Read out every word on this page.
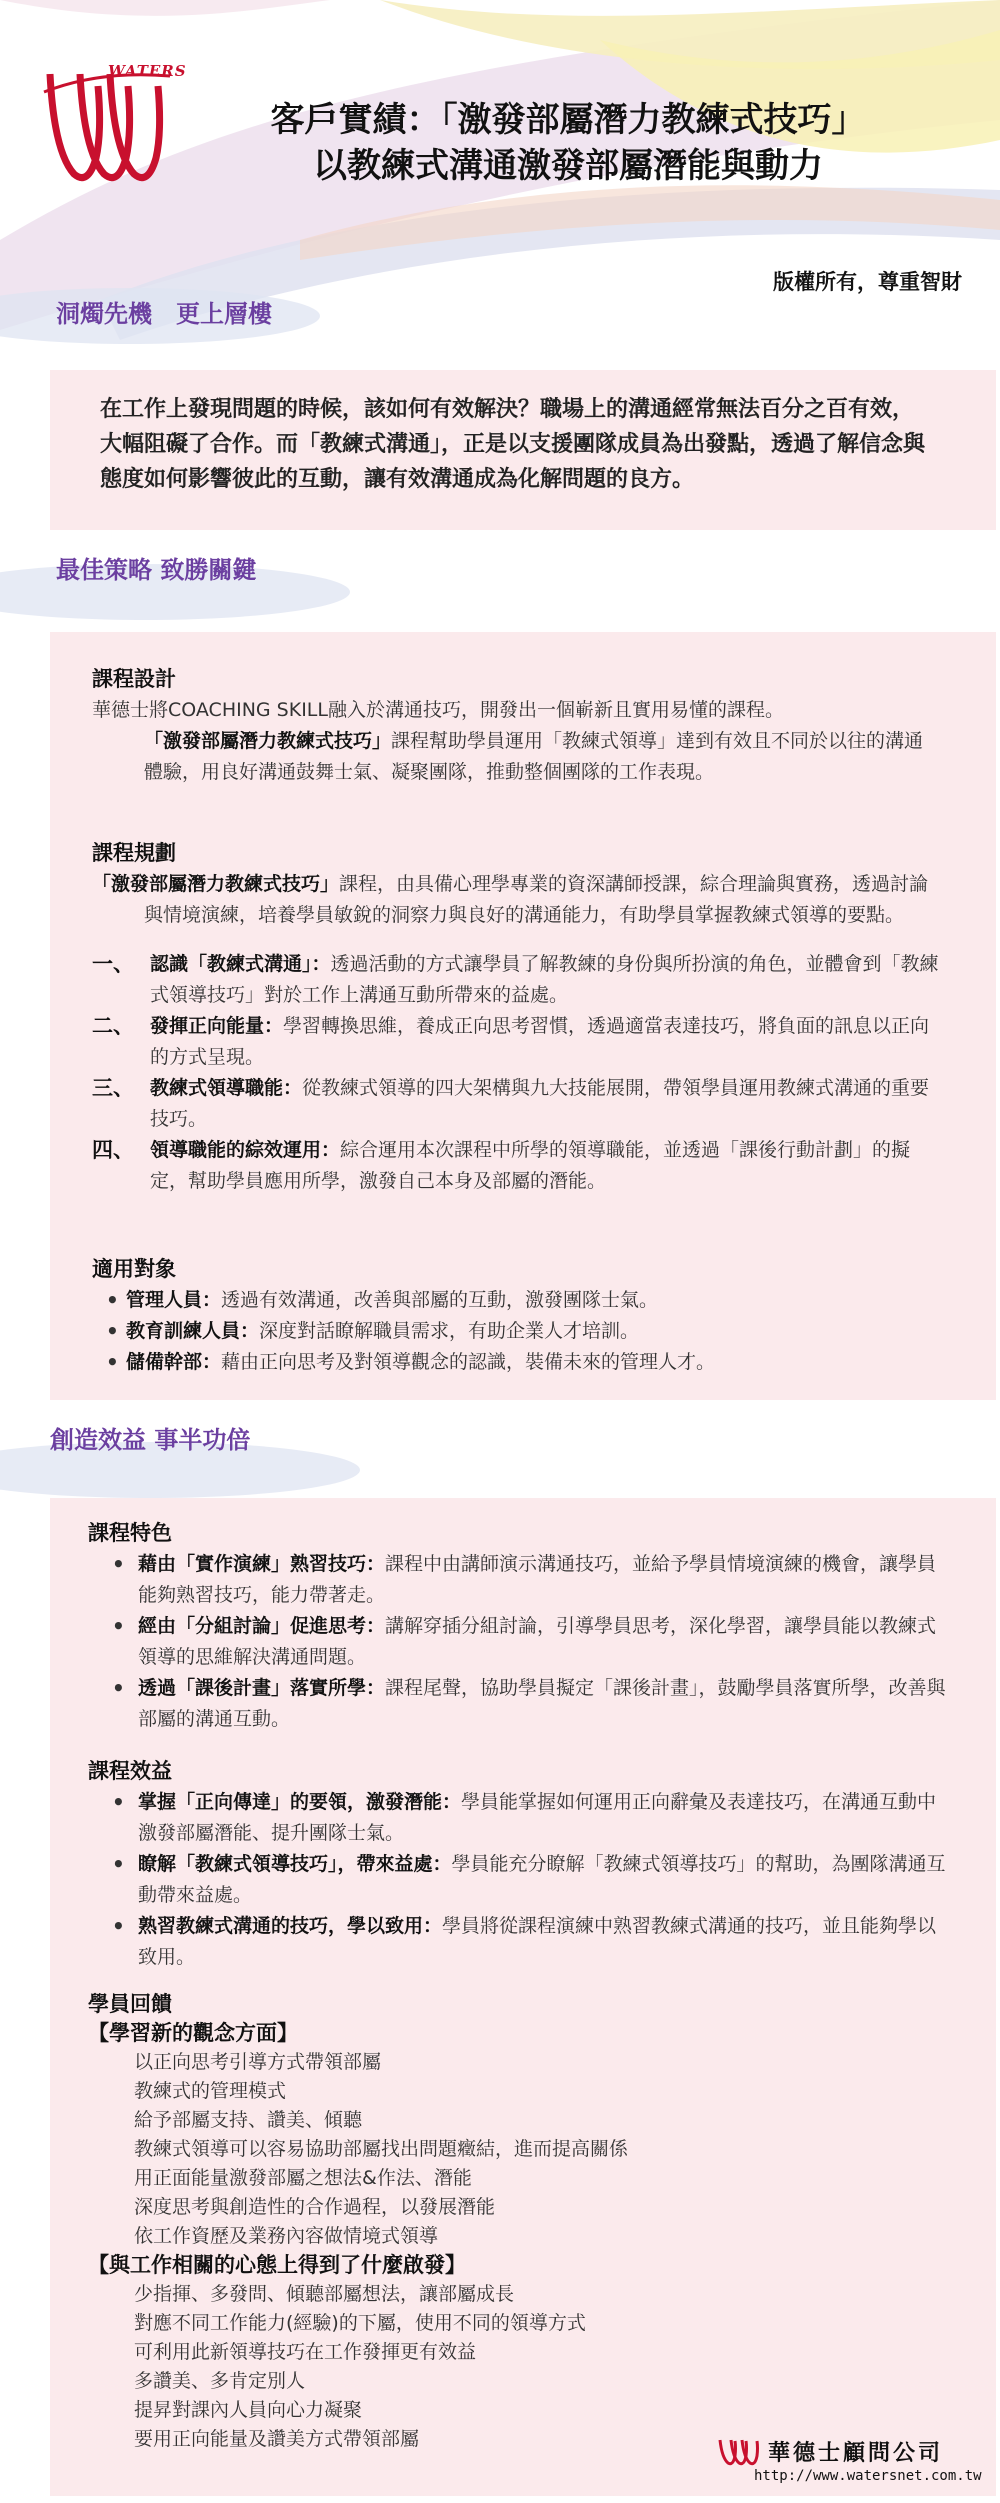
WATERS
客戶實績：「激發部屬潛力教練式技巧」
以教練式溝通激發部屬潛能與動力
版權所有，尊重智財
洞燭先機　更上層樓
在工作上發現問題的時候，該如何有效解決？職場上的溝通經常無法百分之百有效，大幅阻礙了合作。而「教練式溝通」，正是以支援團隊成員為出發點，透過了解信念與態度如何影響彼此的互動，讓有效溝通成為化解問題的良方。
最佳策略 致勝關鍵
課程設計
華德士將COACHING SKILL融入於溝通技巧，開發出一個嶄新且實用易懂的課程。
「激發部屬潛力教練式技巧」課程幫助學員運用「教練式領導」達到有效且不同於以往的溝通體驗，用良好溝通鼓舞士氣、凝聚團隊，推動整個團隊的工作表現。
課程規劃
「激發部屬潛力教練式技巧」課程，由具備心理學專業的資深講師授課，綜合理論與實務，透過討論與情境演練，培養學員敏銳的洞察力與良好的溝通能力，有助學員掌握教練式領導的要點。
一、 認識「教練式溝通」：透過活動的方式讓學員了解教練的身份與所扮演的角色，並體會到「教練式領導技巧」對於工作上溝通互動所帶來的益處。
二、 發揮正向能量：學習轉換思維，養成正向思考習慣，透過適當表達技巧，將負面的訊息以正向的方式呈現。
三、 教練式領導職能：從教練式領導的四大架構與九大技能展開，帶領學員運用教練式溝通的重要技巧。
四、 領導職能的綜效運用：綜合運用本次課程中所學的領導職能，並透過「課後行動計劃」的擬定，幫助學員應用所學，激發自己本身及部屬的潛能。
適用對象
• 管理人員：透過有效溝通，改善與部屬的互動，激發團隊士氣。
• 教育訓練人員：深度對話瞭解職員需求，有助企業人才培訓。
• 儲備幹部：藉由正向思考及對領導觀念的認識，裝備未來的管理人才。
創造效益 事半功倍
課程特色
• 藉由「實作演練」熟習技巧：課程中由講師演示溝通技巧，並給予學員情境演練的機會，讓學員能夠熟習技巧，能力帶著走。
• 經由「分組討論」促進思考：講解穿插分組討論，引導學員思考，深化學習，讓學員能以教練式領導的思維解決溝通問題。
• 透過「課後計畫」落實所學：課程尾聲，協助學員擬定「課後計畫」，鼓勵學員落實所學，改善與部屬的溝通互動。
課程效益
• 掌握「正向傳達」的要領，激發潛能：學員能掌握如何運用正向辭彙及表達技巧，在溝通互動中激發部屬潛能、提升團隊士氣。
• 瞭解「教練式領導技巧」，帶來益處：學員能充分瞭解「教練式領導技巧」的幫助，為團隊溝通互動帶來益處。
• 熟習教練式溝通的技巧，學以致用：學員將從課程演練中熟習教練式溝通的技巧，並且能夠學以致用。
學員回饋
【學習新的觀念方面】
以正向思考引導方式帶領部屬
教練式的管理模式
給予部屬支持、讚美、傾聽
教練式領導可以容易協助部屬找出問題癥結，進而提高關係
用正面能量激發部屬之想法&作法、潛能
深度思考與創造性的合作過程，以發展潛能
依工作資歷及業務內容做情境式領導
【與工作相關的心態上得到了什麼啟發】
少指揮、多發問、傾聽部屬想法，讓部屬成長
對應不同工作能力(經驗)的下屬，使用不同的領導方式
可利用此新領導技巧在工作發揮更有效益
多讚美、多肯定別人
提昇對課內人員向心力凝聚
要用正向能量及讚美方式帶領部屬
華德士顧問公司
http://www.watersnet.com.tw
